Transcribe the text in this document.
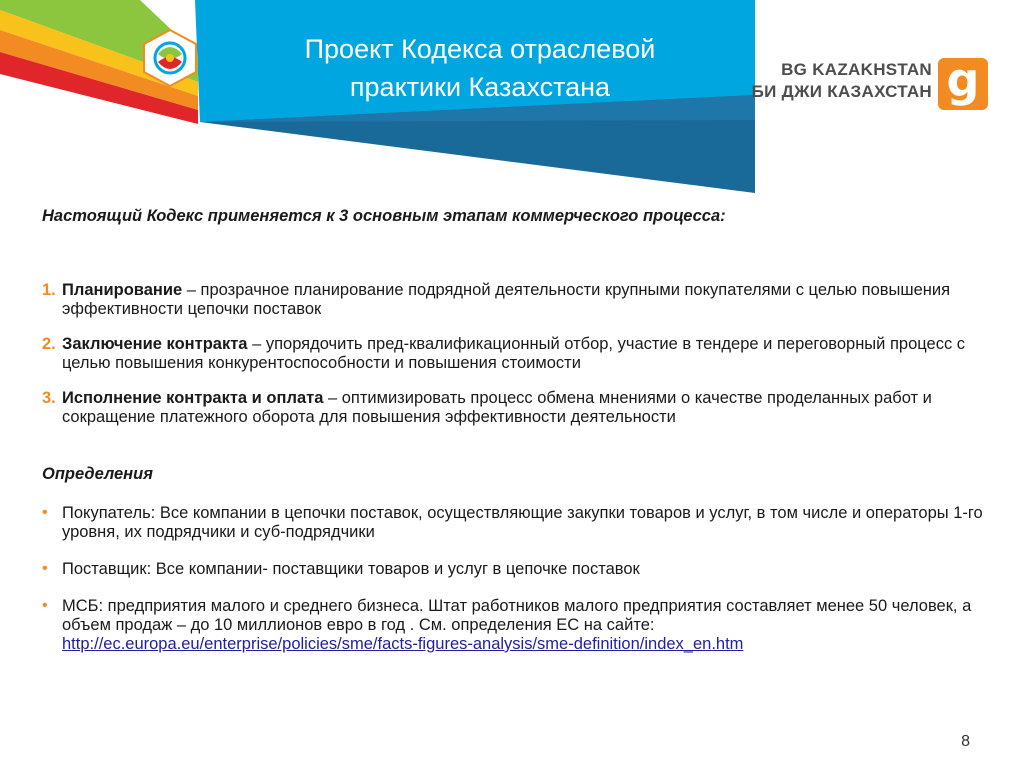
Проект Кодекса отраслевой
практики Казахстана
BG KAZAKHSTAN
БИ ДЖИ КАЗАХСТАН g

Настоящий Кодекс применяется к 3 основным этапам коммерческого процесса:

1. Планирование – прозрачное планирование подрядной деятельности крупными покупателями с целью повышения эффективности цепочки поставок
2. Заключение контракта – упорядочить пред-квалификационный отбор, участие в тендере и переговорный процесс с целью повышения конкурентоспособности и повышения стоимости
3. Исполнение контракта и оплата – оптимизировать процесс обмена мнениями о качестве проделанных работ и сокращение платежного оборота для повышения эффективности деятельности

Определения

• Покупатель: Все компании в цепочки поставок, осуществляющие закупки товаров и услуг, в том числе и операторы 1-го уровня, их подрядчики и суб-подрядчики
• Поставщик: Все компании- поставщики товаров и услуг в цепочке поставок
• МСБ: предприятия малого и среднего бизнеса. Штат работников малого предприятия составляет менее 50 человек, а объем продаж – до 10 миллионов евро в год . См. определения ЕС на сайте: http://ec.europa.eu/enterprise/policies/sme/facts-figures-analysis/sme-definition/index_en.htm
8
